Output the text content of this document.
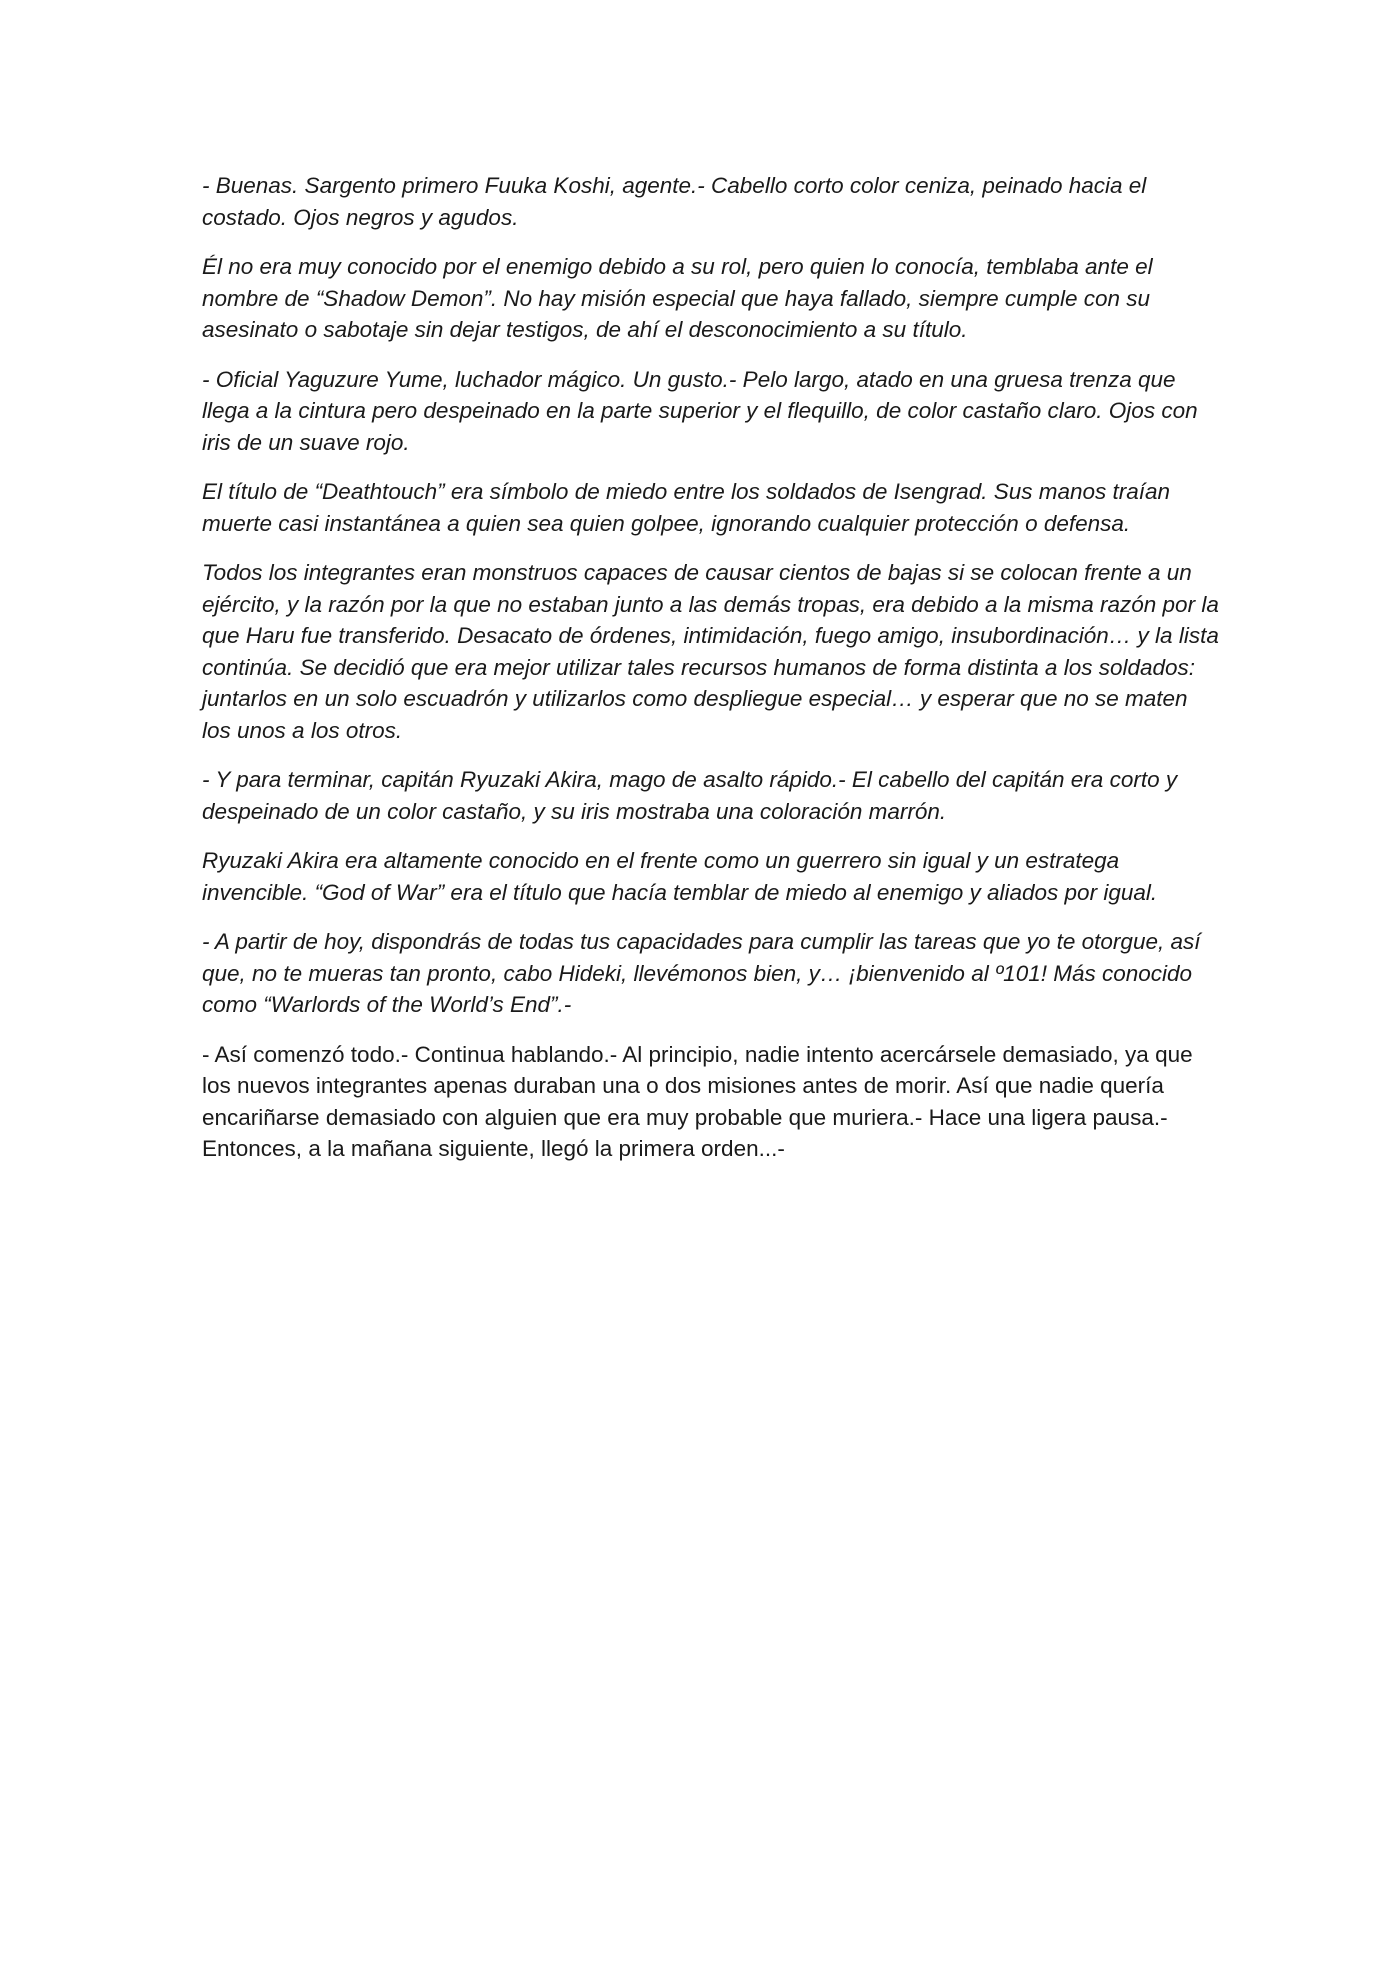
- Buenas. Sargento primero Fuuka Koshi, agente.- Cabello corto color ceniza, peinado hacia el costado. Ojos negros y agudos.

Él no era muy conocido por el enemigo debido a su rol, pero quien lo conocía, temblaba ante el nombre de “Shadow Demon”. No hay misión especial que haya fallado, siempre cumple con su asesinato o sabotaje sin dejar testigos, de ahí el desconocimiento a su título.

- Oficial Yaguzure Yume, luchador mágico. Un gusto.- Pelo largo, atado en una gruesa trenza que llega a la cintura pero despeinado en la parte superior y el flequillo, de color castaño claro. Ojos con iris de un suave rojo.

El título de “Deathtouch” era símbolo de miedo entre los soldados de Isengrad. Sus manos traían muerte casi instantánea a quien sea quien golpee, ignorando cualquier protección o defensa.

Todos los integrantes eran monstruos capaces de causar cientos de bajas si se colocan frente a un ejército, y la razón por la que no estaban junto a las demás tropas, era debido a la misma razón por la que Haru fue transferido. Desacato de órdenes, intimidación, fuego amigo, insubordinación… y la lista continúa. Se decidió que era mejor utilizar tales recursos humanos de forma distinta a los soldados: juntarlos en un solo escuadrón y utilizarlos como despliegue especial… y esperar que no se maten los unos a los otros.

- Y para terminar, capitán Ryuzaki Akira, mago de asalto rápido.- El cabello del capitán era corto y despeinado de un color castaño, y su iris mostraba una coloración marrón.

Ryuzaki Akira era altamente conocido en el frente como un guerrero sin igual y un estratega invencible. “God of War” era el título que hacía temblar de miedo al enemigo y aliados por igual.

- A partir de hoy, dispondrás de todas tus capacidades para cumplir las tareas que yo te otorgue, así que, no te mueras tan pronto, cabo Hideki, llevémonos bien, y… ¡bienvenido al º101! Más conocido como “Warlords of the World’s End”.-

- Así comenzó todo.- Continua hablando.- Al principio, nadie intento acercársele demasiado, ya que los nuevos integrantes apenas duraban una o dos misiones antes de morir. Así que nadie quería encariñarse demasiado con alguien que era muy probable que muriera.- Hace una ligera pausa.- Entonces, a la mañana siguiente, llegó la primera orden...-
